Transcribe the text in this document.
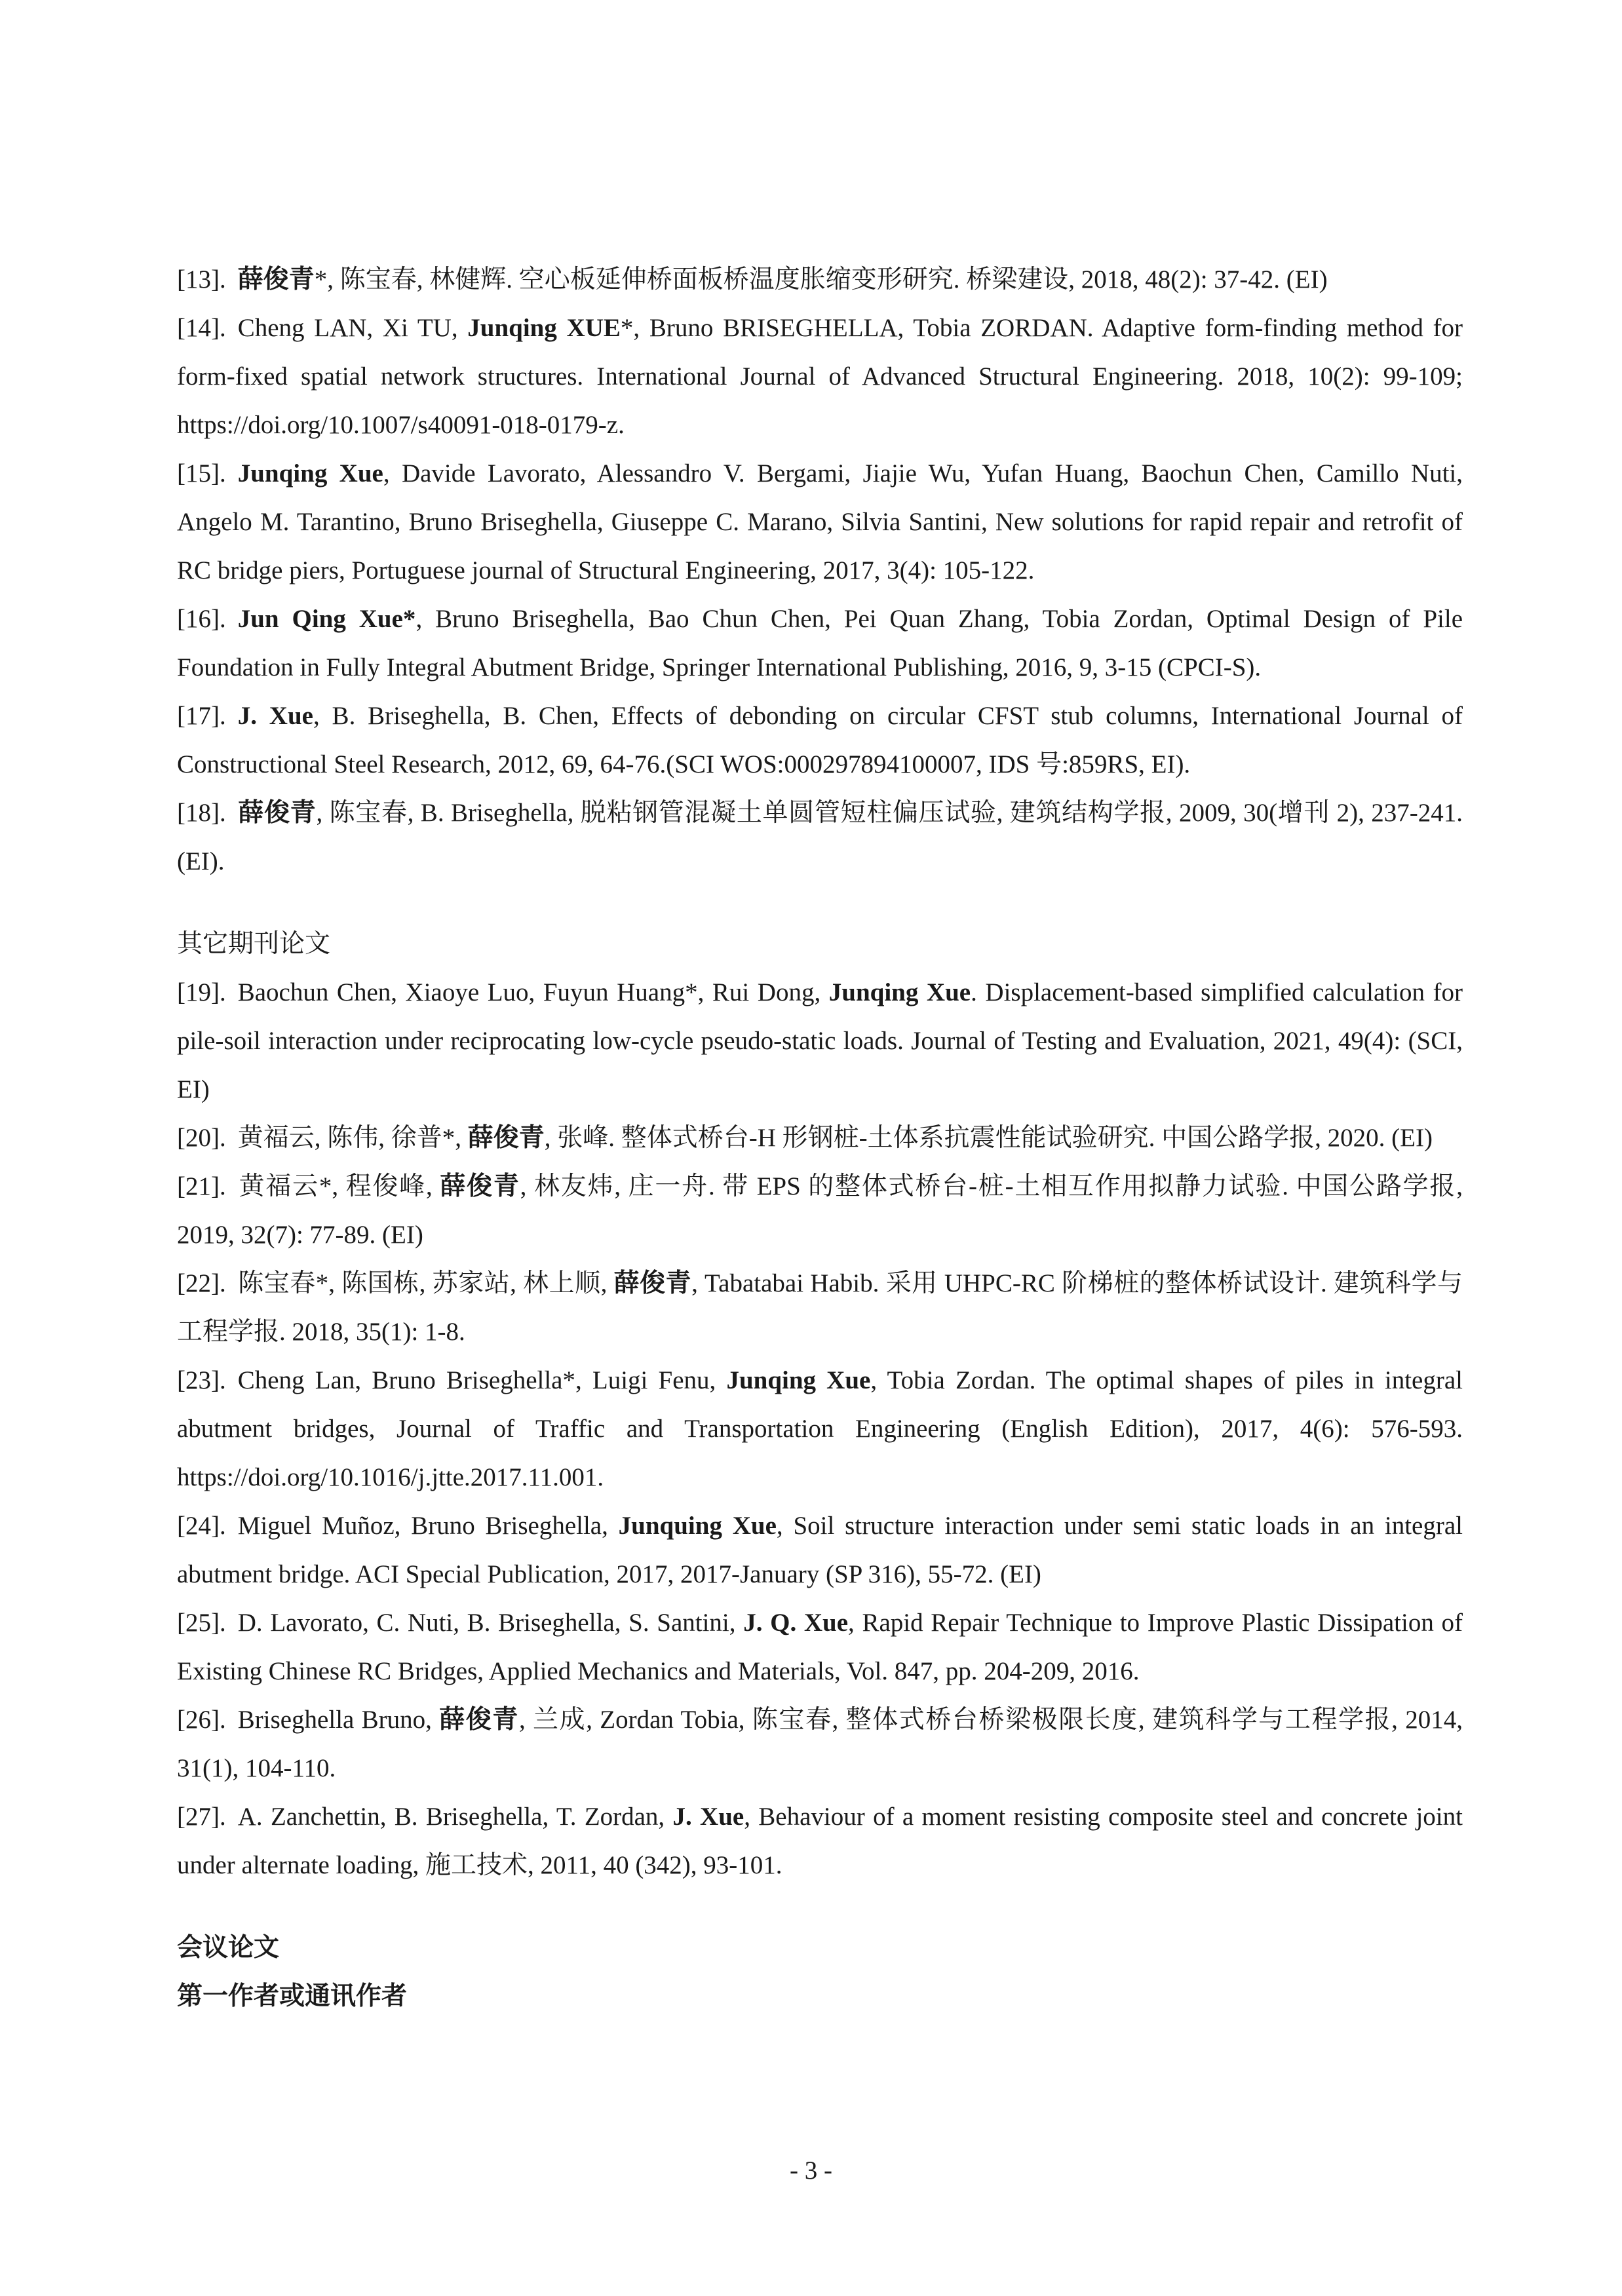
[13]. 薛俊青*, 陈宝春, 林健辉. 空心板延伸桥面板桥温度胀缩变形研究. 桥梁建设, 2018, 48(2): 37-42. (EI)

[14]. Cheng LAN, Xi TU, Junqing XUE*, Bruno BRISEGHELLA, Tobia ZORDAN. Adaptive form-finding method for form-fixed spatial network structures. International Journal of Advanced Structural Engineering. 2018, 10(2): 99-109; https://doi.org/10.1007/s40091-018-0179-z.

[15]. Junqing Xue, Davide Lavorato, Alessandro V. Bergami, Jiajie Wu, Yufan Huang, Baochun Chen, Camillo Nuti, Angelo M. Tarantino, Bruno Briseghella, Giuseppe C. Marano, Silvia Santini, New solutions for rapid repair and retrofit of RC bridge piers, Portuguese journal of Structural Engineering, 2017, 3(4): 105-122.

[16]. Jun Qing Xue*, Bruno Briseghella, Bao Chun Chen, Pei Quan Zhang, Tobia Zordan, Optimal Design of Pile Foundation in Fully Integral Abutment Bridge, Springer International Publishing, 2016, 9, 3-15 (CPCI-S).

[17]. J. Xue, B. Briseghella, B. Chen, Effects of debonding on circular CFST stub columns, International Journal of Constructional Steel Research, 2012, 69, 64-76.(SCI WOS:000297894100007, IDS 号:859RS, EI).

[18]. 薛俊青, 陈宝春, B. Briseghella, 脱粘钢管混凝土单圆管短柱偏压试验, 建筑结构学报, 2009, 30(增刊 2), 237-241. (EI).

其它期刊论文

[19]. Baochun Chen, Xiaoye Luo, Fuyun Huang*, Rui Dong, Junqing Xue. Displacement-based simplified calculation for pile-soil interaction under reciprocating low-cycle pseudo-static loads. Journal of Testing and Evaluation, 2021, 49(4): (SCI, EI)

[20]. 黄福云, 陈伟, 徐普*, 薛俊青, 张峰. 整体式桥台-H 形钢桩-土体系抗震性能试验研究. 中国公路学报, 2020. (EI)

[21]. 黄福云*, 程俊峰, 薛俊青, 林友炜, 庄一舟. 带 EPS 的整体式桥台-桩-土相互作用拟静力试验. 中国公路学报, 2019, 32(7): 77-89. (EI)

[22]. 陈宝春*, 陈国栋, 苏家站, 林上顺, 薛俊青, Tabatabai Habib. 采用 UHPC-RC 阶梯桩的整体桥试设计. 建筑科学与工程学报. 2018, 35(1): 1-8.

[23]. Cheng Lan, Bruno Briseghella*, Luigi Fenu, Junqing Xue, Tobia Zordan. The optimal shapes of piles in integral abutment bridges, Journal of Traffic and Transportation Engineering (English Edition), 2017, 4(6): 576-593. https://doi.org/10.1016/j.jtte.2017.11.001.

[24]. Miguel Muñoz, Bruno Briseghella, Junquing Xue, Soil structure interaction under semi static loads in an integral abutment bridge. ACI Special Publication, 2017, 2017-January (SP 316), 55-72. (EI)

[25]. D. Lavorato, C. Nuti, B. Briseghella, S. Santini, J. Q. Xue, Rapid Repair Technique to Improve Plastic Dissipation of Existing Chinese RC Bridges, Applied Mechanics and Materials, Vol. 847, pp. 204-209, 2016.

[26]. Briseghella Bruno, 薛俊青, 兰成, Zordan Tobia, 陈宝春, 整体式桥台桥梁极限长度, 建筑科学与工程学报, 2014, 31(1), 104-110.

[27]. A. Zanchettin, B. Briseghella, T. Zordan, J. Xue, Behaviour of a moment resisting composite steel and concrete joint under alternate loading, 施工技术, 2011, 40 (342), 93-101.

会议论文

第一作者或通讯作者

- 3 -
